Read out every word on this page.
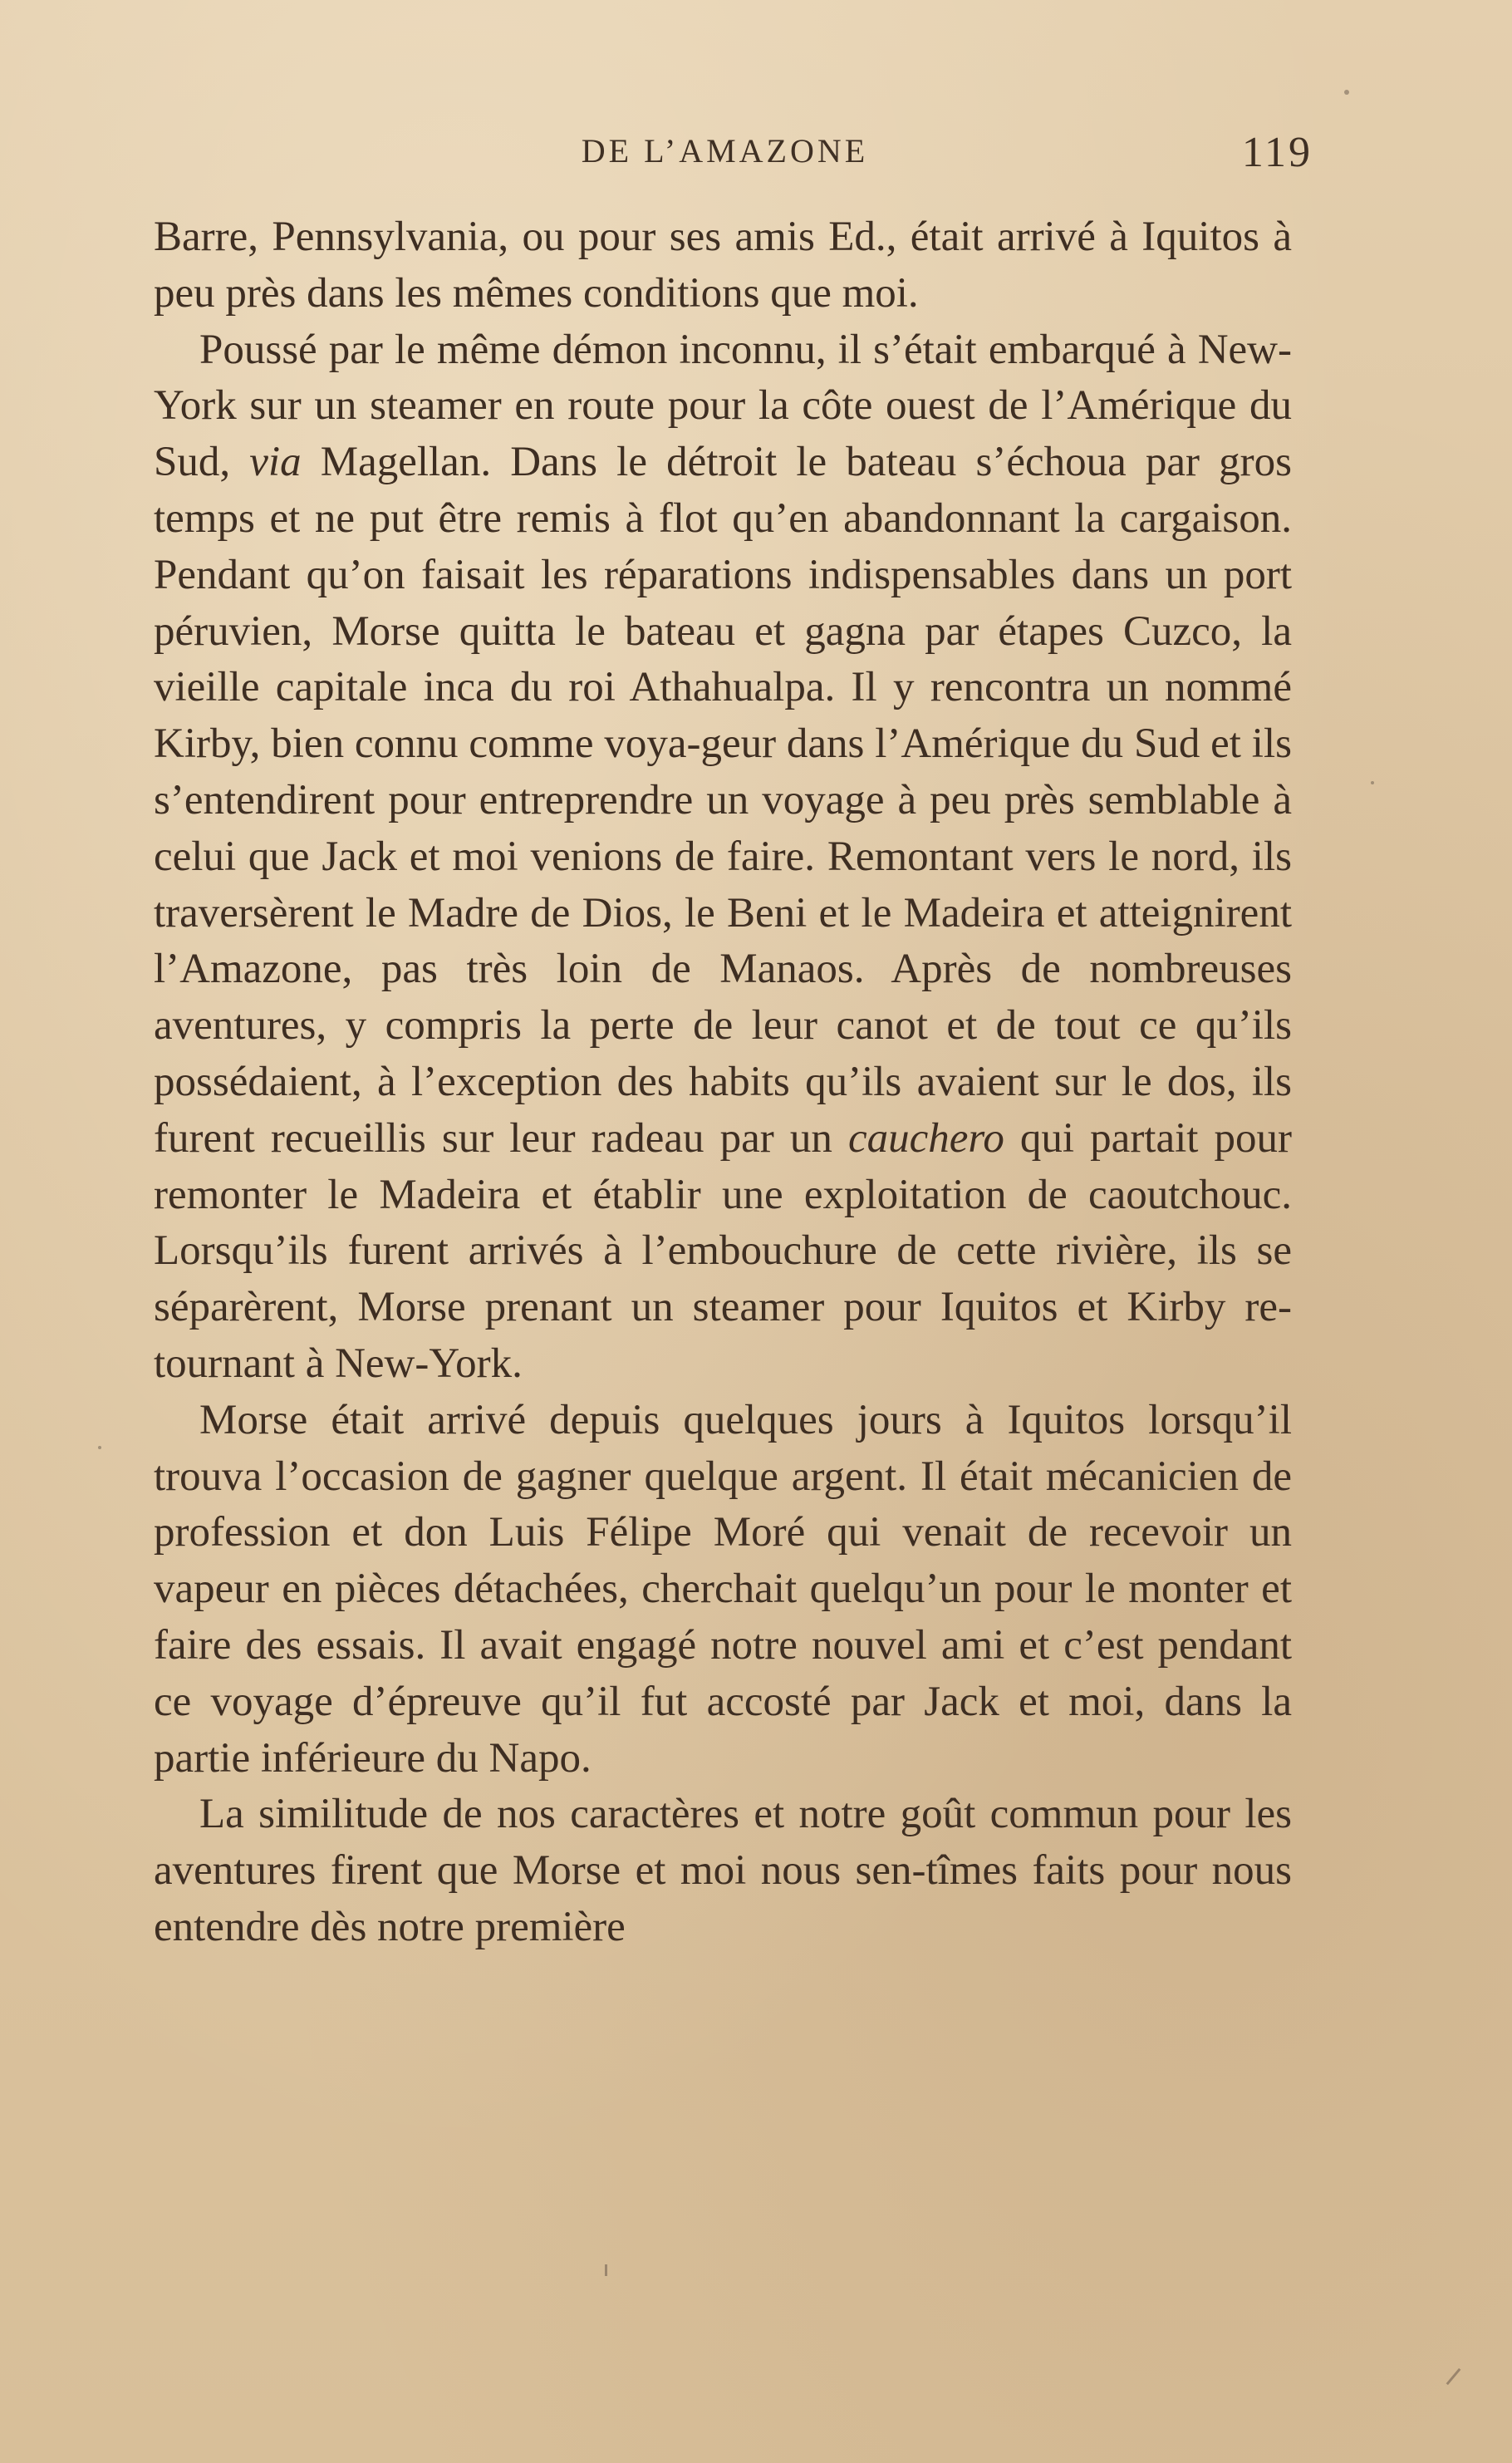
DE L’AMAZONE	119

Barre, Pennsylvania, ou pour ses amis Ed., était arrivé à Iquitos à peu près dans les mêmes conditions que moi.

Poussé par le même démon inconnu, il s’était embarqué à New-York sur un steamer en route pour la côte ouest de l’Amérique du Sud, via Magellan. Dans le détroit le bateau s’échoua par gros temps et ne put être remis à flot qu’en abandonnant la cargaison. Pendant qu’on faisait les réparations indispensables dans un port péruvien, Morse quitta le bateau et gagna par étapes Cuzco, la vieille capitale inca du roi Athahualpa. Il y rencontra un nommé Kirby, bien connu comme voya-geur dans l’Amérique du Sud et ils s’entendirent pour entreprendre un voyage à peu près semblable à celui que Jack et moi venions de faire. Remontant vers le nord, ils traversèrent le Madre de Dios, le Beni et le Madeira et atteignirent l’Amazone, pas très loin de Manaos. Après de nombreuses aventures, y compris la perte de leur canot et de tout ce qu’ils possédaient, à l’exception des habits qu’ils avaient sur le dos, ils furent recueillis sur leur radeau par un cauchero qui partait pour remonter le Madeira et établir une exploitation de caoutchouc. Lorsqu’ils furent arrivés à l’embouchure de cette rivière, ils se séparèrent, Morse prenant un steamer pour Iquitos et Kirby re-tournant à New-York.

Morse était arrivé depuis quelques jours à Iquitos lorsqu’il trouva l’occasion de gagner quelque argent. Il était mécanicien de profession et don Luis Félipe Moré qui venait de recevoir un vapeur en pièces détachées, cherchait quelqu’un pour le monter et faire des essais. Il avait engagé notre nouvel ami et c’est pendant ce voyage d’épreuve qu’il fut accosté par Jack et moi, dans la partie inférieure du Napo.

La similitude de nos caractères et notre goût commun pour les aventures firent que Morse et moi nous sen-tîmes faits pour nous entendre dès notre première
